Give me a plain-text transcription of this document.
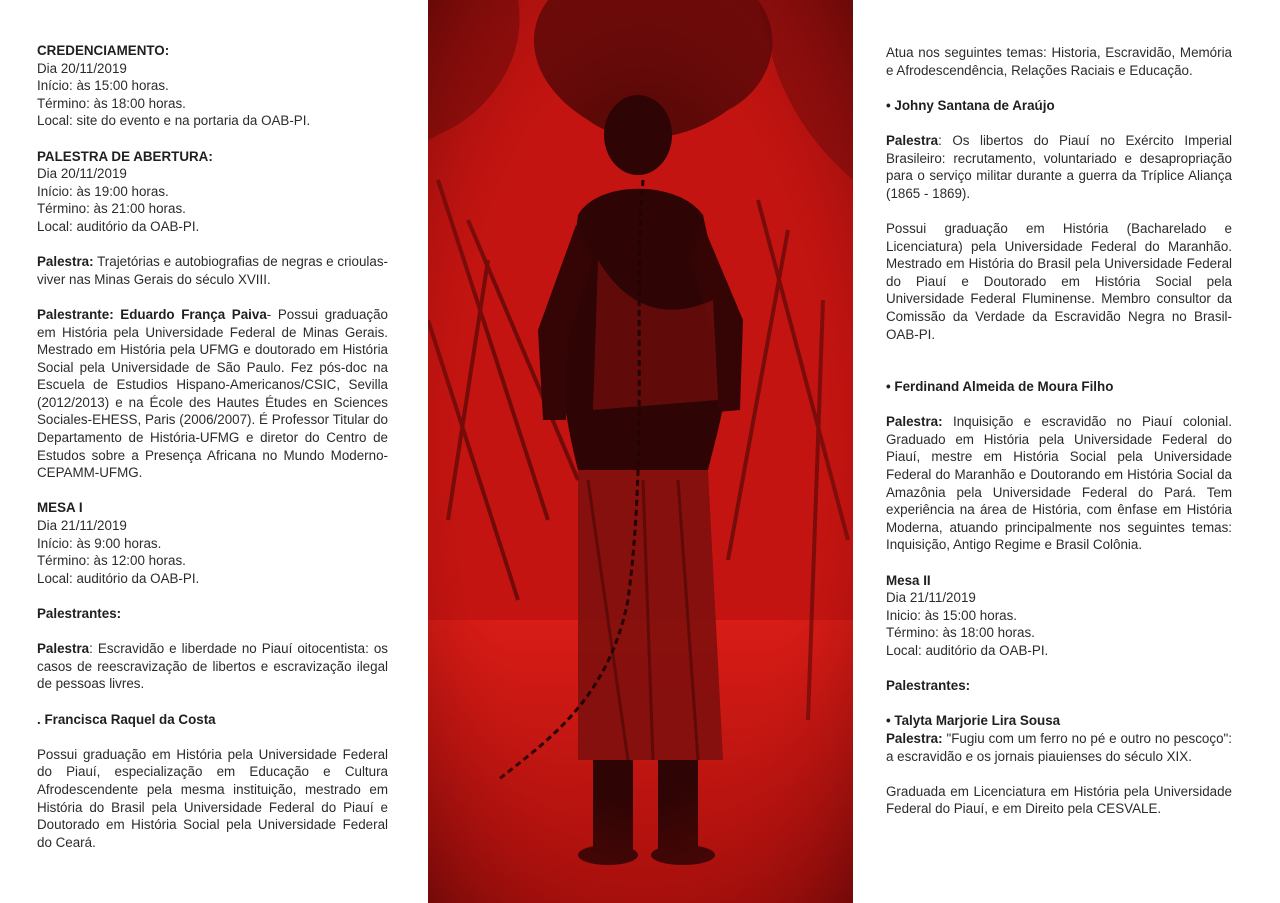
CREDENCIAMENTO:
Dia 20/11/2019
Início: às 15:00 horas.
Término: às 18:00 horas.
Local: site do evento e na portaria da OAB-PI.
PALESTRA DE ABERTURA:
Dia 20/11/2019
Início: às 19:00 horas.
Término: às 21:00 horas.
Local: auditório da OAB-PI.
Palestra: Trajetórias e autobiografias de negras e crioulas- viver nas Minas Gerais do século XVIII.
Palestrante: Eduardo França Paiva- Possui graduação em História pela Universidade Federal de Minas Gerais. Mestrado em História pela UFMG e doutorado em História Social pela Universidade de São Paulo. Fez pós-doc na Escuela de Estudios Hispano-Americanos/CSIC, Sevilla (2012/2013) e na École des Hautes Études en Sciences Sociales-EHESS, Paris (2006/2007). É Professor Titular do Departamento de História-UFMG e diretor do Centro de Estudos sobre a Presença Africana no Mundo Moderno-CEPAMM-UFMG.
MESA I
Dia 21/11/2019
Início: às 9:00 horas.
Término: às 12:00 horas.
Local: auditório da OAB-PI.
Palestrantes:
Palestra: Escravidão e liberdade no Piauí oitocentista: os casos de reescravização de libertos e escravização ilegal de pessoas livres.
. Francisca Raquel da Costa
Possui graduação em História pela Universidade Federal do Piauí, especialização em Educação e Cultura Afrodescendente pela mesma instituição, mestrado em História do Brasil pela Universidade Federal do Piauí e Doutorado em História Social pela Universidade Federal do Ceará.
Atua nos seguintes temas: Historia, Escravidão, Memória e Afrodescendência, Relações Raciais e Educação.
• Johny Santana de Araújo
Palestra: Os libertos do Piauí no Exército Imperial Brasileiro: recrutamento, voluntariado e desapropriação para o serviço militar durante a guerra da Tríplice Aliança (1865 - 1869).
Possui graduação em História (Bacharelado e Licenciatura) pela Universidade Federal do Maranhão. Mestrado em História do Brasil pela Universidade Federal do Piauí e Doutorado em História Social pela Universidade Federal Fluminense. Membro consultor da Comissão da Verdade da Escravidão Negra no Brasil-OAB-PI.
• Ferdinand Almeida de Moura Filho
Palestra: Inquisição e escravidão no Piauí colonial. Graduado em História pela Universidade Federal do Piauí, mestre em História Social pela Universidade Federal do Maranhão e Doutorando em História Social da Amazônia pela Universidade Federal do Pará. Tem experiência na área de História, com ênfase em História Moderna, atuando principalmente nos seguintes temas: Inquisição, Antigo Regime e Brasil Colônia.
Mesa II
Dia 21/11/2019
Inicio: às 15:00 horas.
Término: às 18:00 horas.
Local: auditório da OAB-PI.
Palestrantes:
• Talyta Marjorie Lira Sousa
Palestra: "Fugiu com um ferro no pé e outro no pescoço": a escravidão e os jornais piauienses do século XIX.
Graduada em Licenciatura em História pela Universidade Federal do Piauí, e em Direito pela CESVALE.
